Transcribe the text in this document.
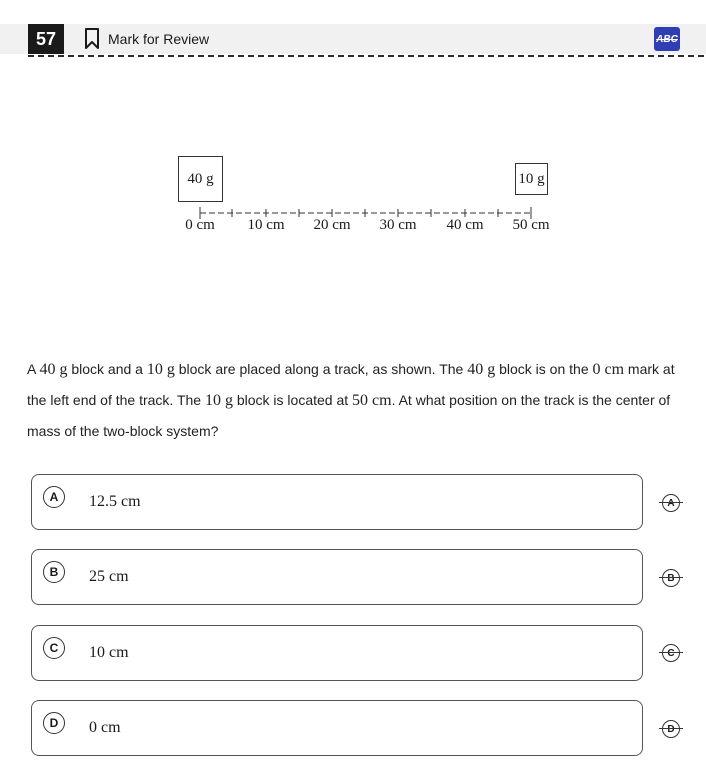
57	Mark for Review	ABC
40 g	10 g
0 cm 10 cm 20 cm 30 cm 40 cm 50 cm
A 40 g block and a 10 g block are placed along a track, as shown. The 40 g block is on the 0 cm mark at the left end of the track. The 10 g block is located at 50 cm. At what position on the track is the center of mass of the two-block system?
A	12.5 cm	A
B	25 cm	B
C	10 cm	C
D	0 cm	D
